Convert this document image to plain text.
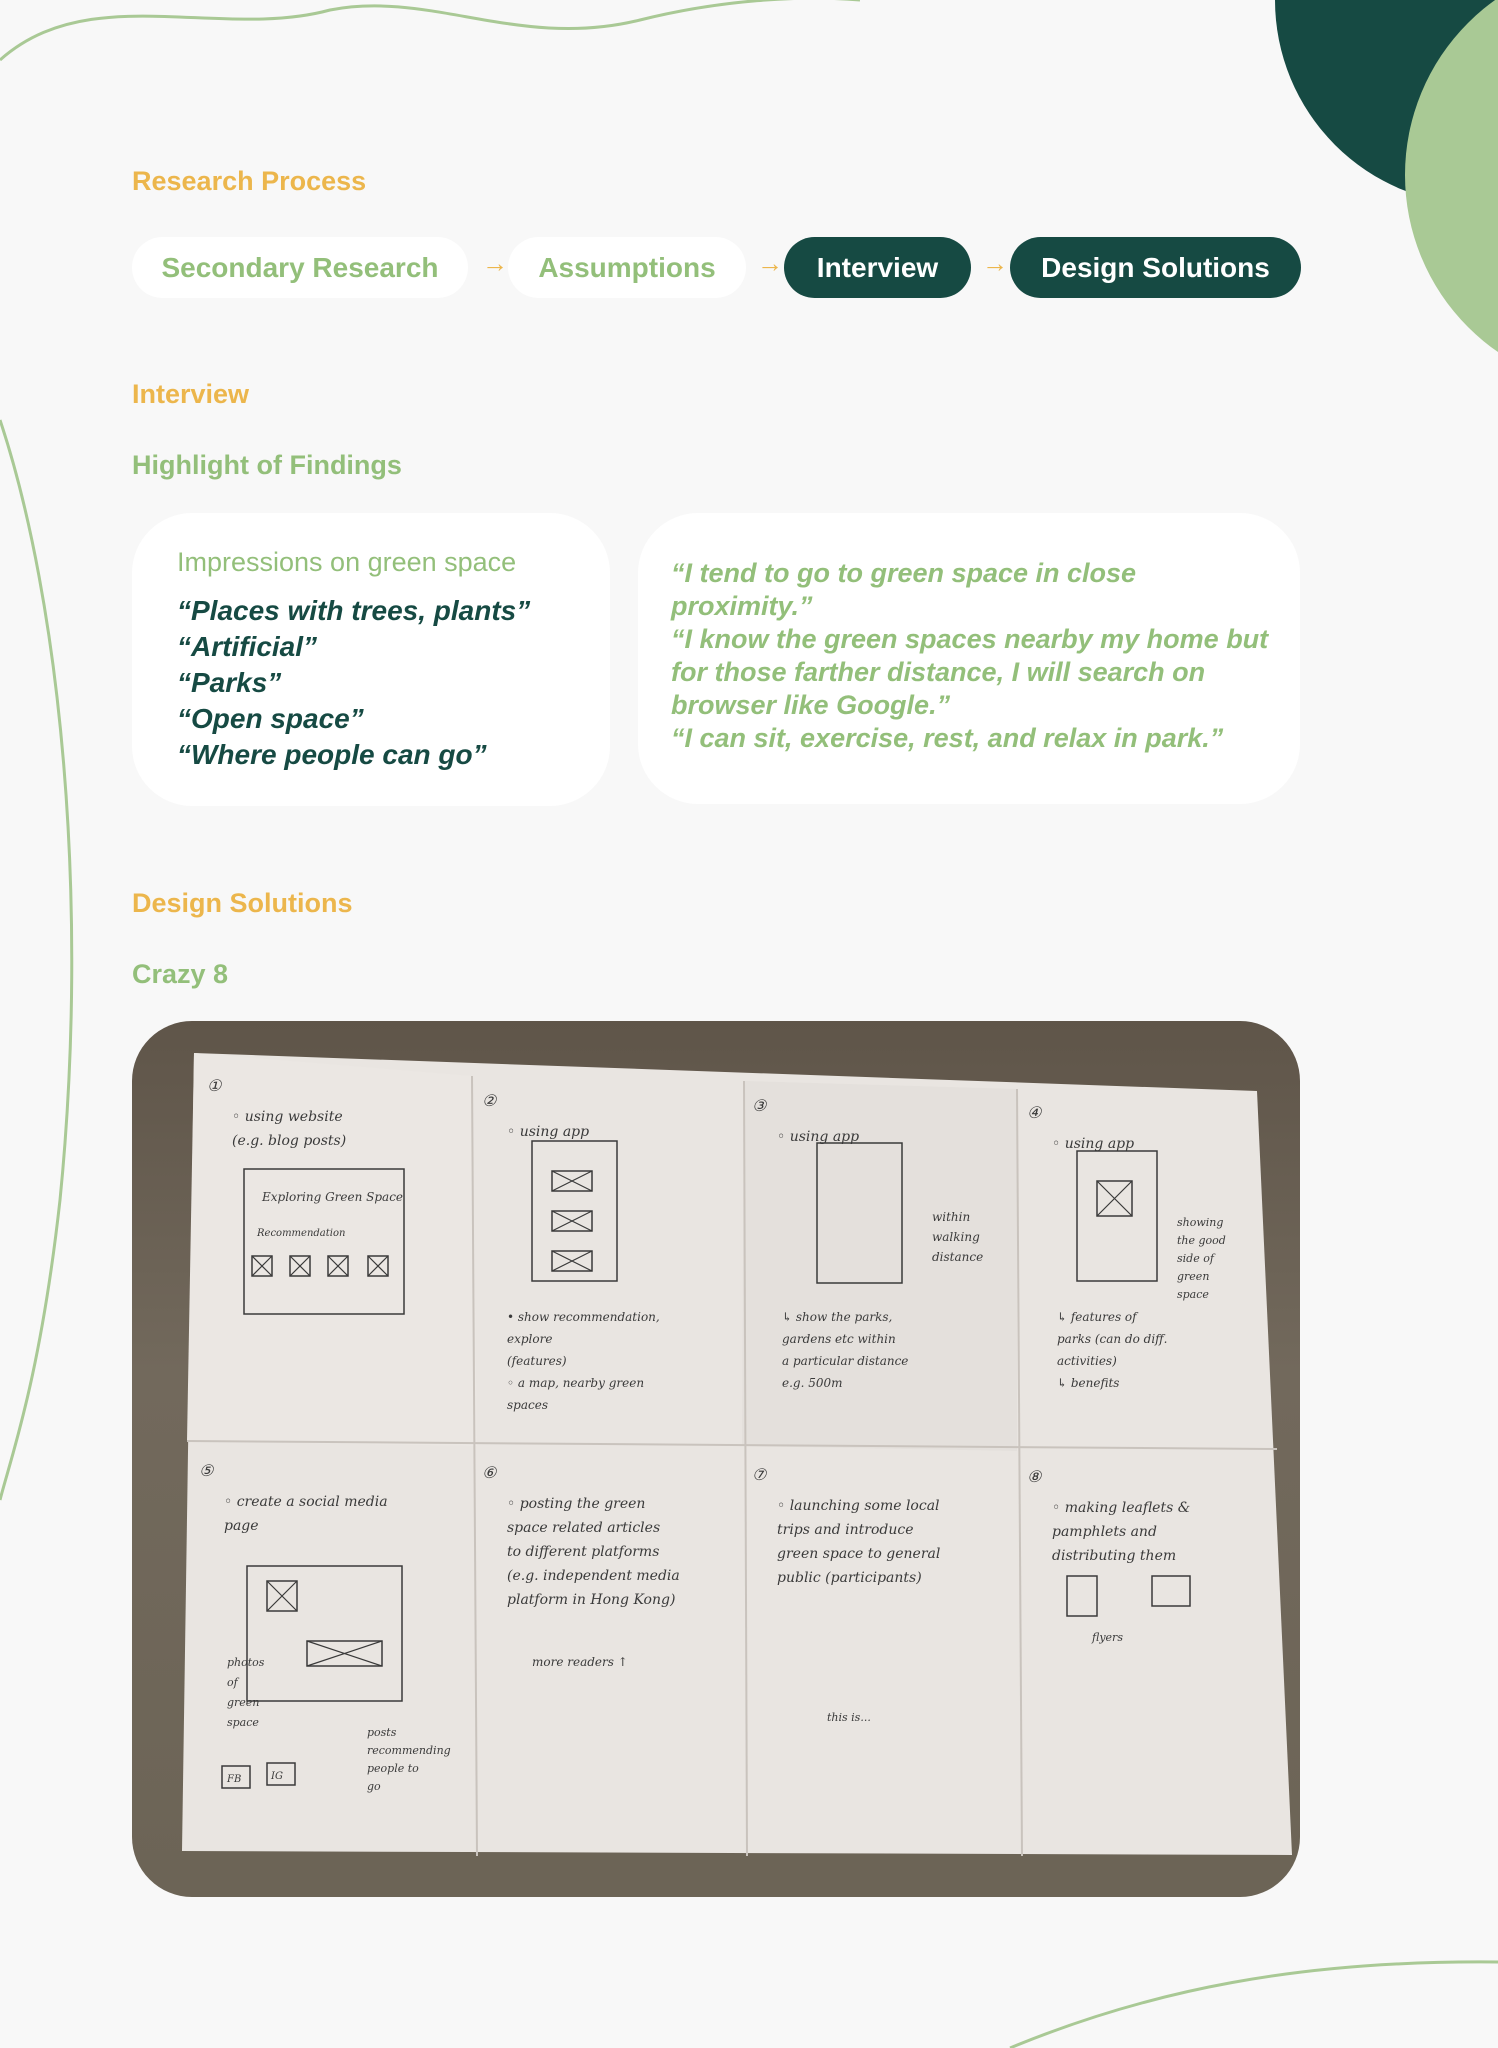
Research Process
Secondary Research	→	Assumptions	→	Interview	→	Design Solutions
Interview
Highlight of Findings
Impressions on green space
“Places with trees, plants”
“Artificial”
“Parks”
“Open space”
“Where people can go”
“I tend to go to green space in close proximity.”
“I know the green spaces nearby my home but for those farther distance, I will search on browser like Google.”
“I can sit, exercise, rest, and relax in park.”
Design Solutions
Crazy 8
①
◦ using website
(e.g. blog posts)
②
◦ using app
③
◦ using app
④
◦ using app
⑤
◦ create a social media
page
⑥
◦ posting the green
space related articles
to different platforms
(e.g. independent media
platform in Hong Kong)
⑦
◦ launching some local
trips and introduce
green space to general
public (participants)
⑧
◦ making leaflets &
pamphlets and
distributing them
Exploring Green Space
Recommendation
• show recommendation,
explore
(features)
◦ a map, nearby green
spaces
within
walking
distance
↳ show the parks,
gardens etc within
a particular distance
e.g. 500m
showing
the good
side of
green
space
↳ features of
parks (can do diff.
activities)
↳ benefits
photos
of
green
space
posts
recommending
people to
go
FB	IG
more readers ↑
this is...
flyers
